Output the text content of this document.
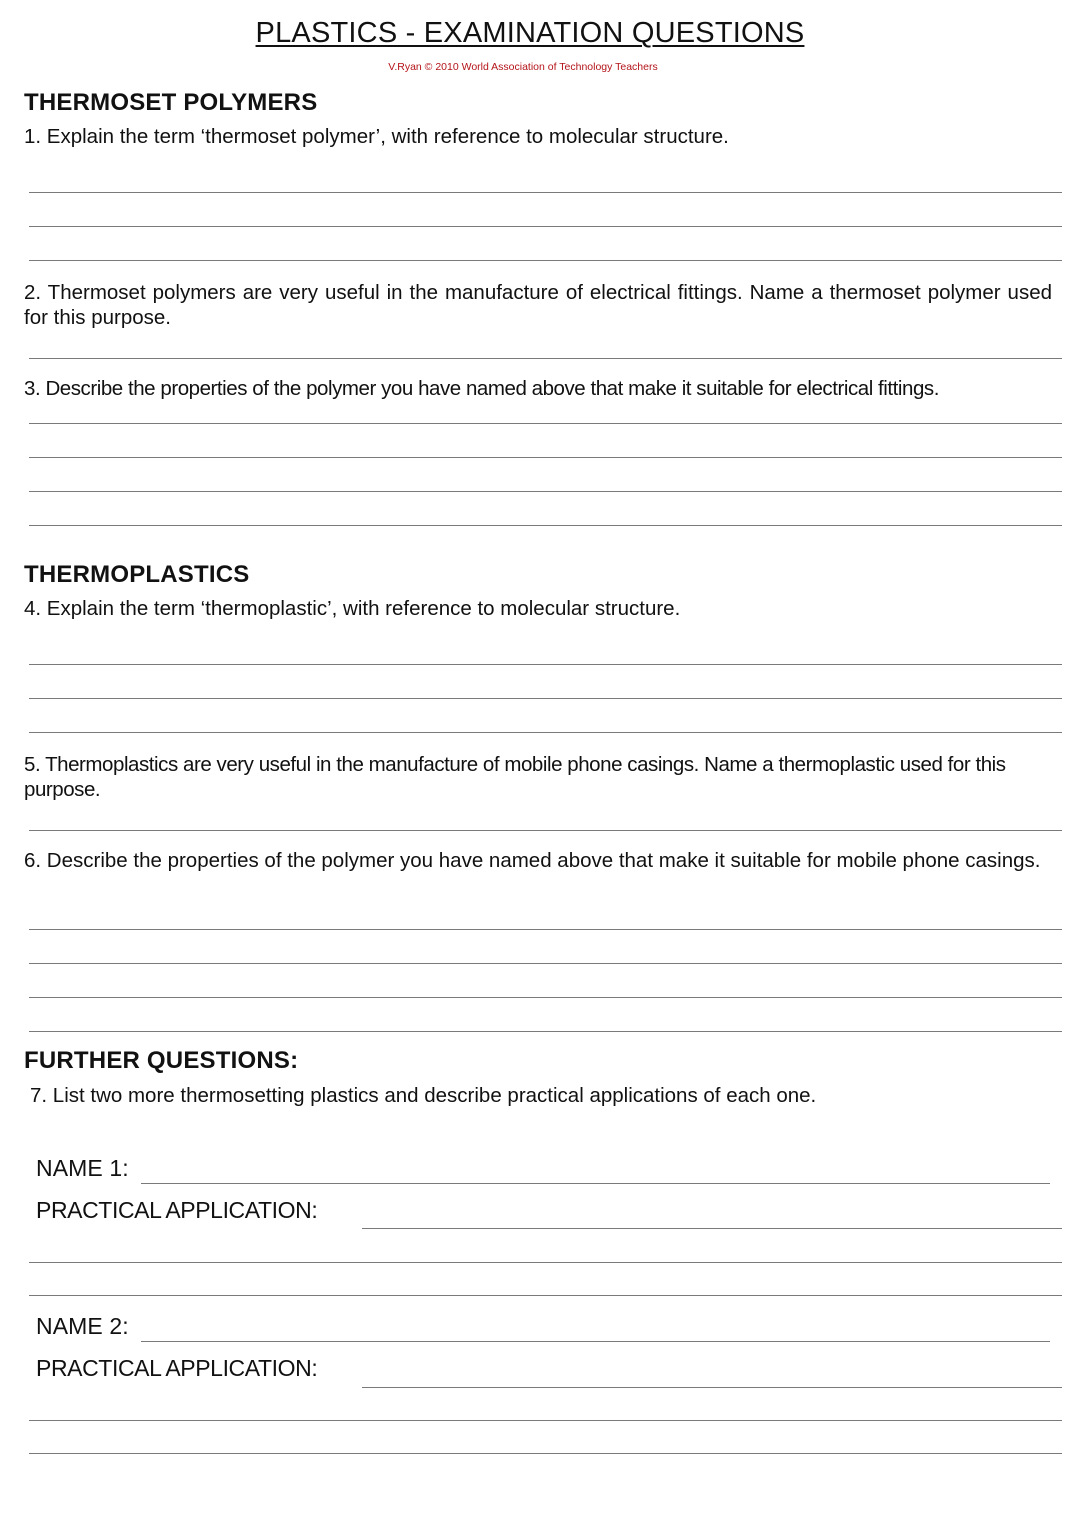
PLASTICS - EXAMINATION QUESTIONS
V.Ryan © 2010 World Association of Technology Teachers
THERMOSET POLYMERS

1. Explain the term ‘thermoset polymer’, with reference to molecular structure.

2. Thermoset polymers are very useful in the manufacture of electrical fittings. Name a thermoset polymer used for this purpose.

3. Describe the properties of the polymer you have named above that make it suitable for electrical fittings.

THERMOPLASTICS

4. Explain the term ‘thermoplastic’, with reference to molecular structure.

5. Thermoplastics are very useful in the manufacture of mobile phone casings. Name a thermoplastic used for this purpose.

6. Describe the properties of the polymer you have named above that make it suitable for mobile phone casings.

FURTHER QUESTIONS:

7. List two more thermosetting plastics and describe practical applications of each one.

NAME 1:
PRACTICAL APPLICATION:
NAME 2:
PRACTICAL APPLICATION:
